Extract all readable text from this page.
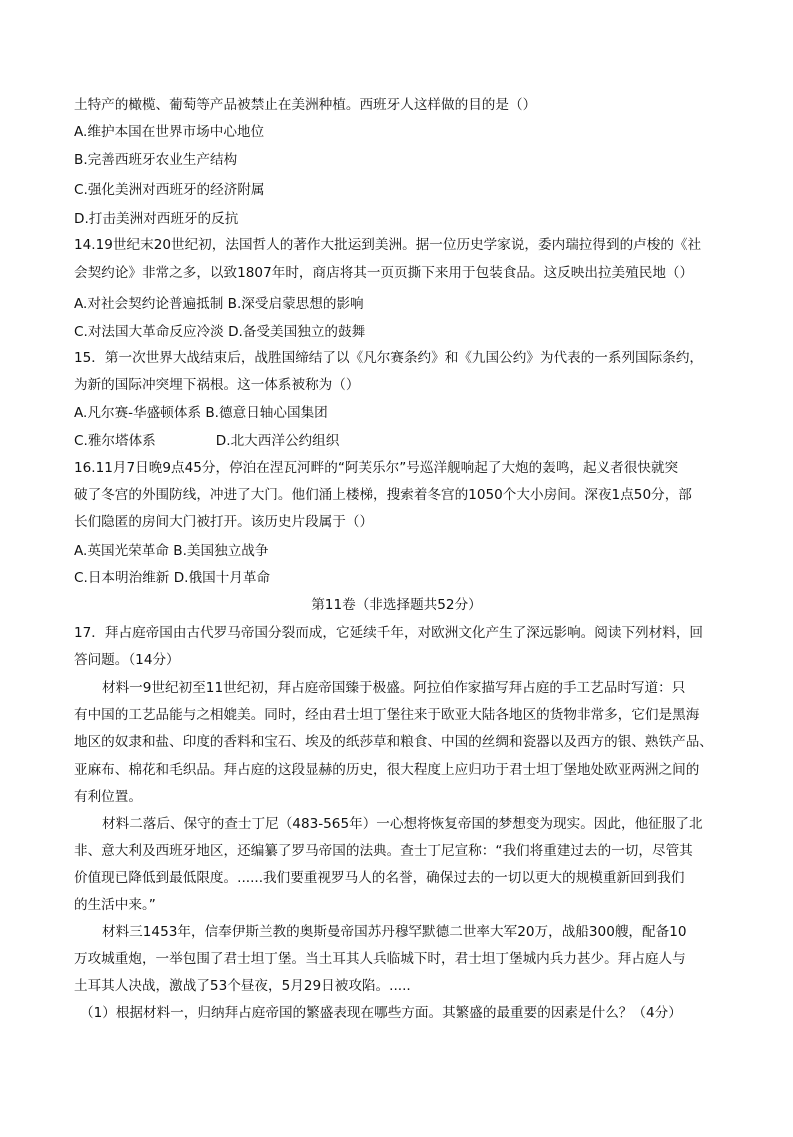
土特产的橄榄、葡萄等产品被禁止在美洲种植。西班牙人这样做的目的是（）

A.维护本国在世界市场中心地位

B.完善西班牙农业生产结构

C.强化美洲对西班牙的经济附属

D.打击美洲对西班牙的反抗

14.19世纪末20世纪初，法国哲人的著作大批运到美洲。据一位历史学家说，委内瑞拉得到的卢梭的《社

会契约论》非常之多，以致1807年时，商店将其一页页撕下来用于包装食品。这反映出拉美殖民地（）

A.对社会契约论普遍抵制 B.深受启蒙思想的影响

C.对法国大革命反应冷淡 D.备受美国独立的鼓舞

15．第一次世界大战结束后，战胜国缔结了以《凡尔赛条约》和《九国公约》为代表的一系列国际条约，

为新的国际冲突埋下祸根。这一体系被称为（）

A.凡尔赛-华盛顿体系 B.德意日轴心国集团

C.雅尔塔体系	D.北大西洋公约组织

16.11月7日晚9点45分，停泊在涅瓦河畔的“阿芙乐尔”号巡洋舰响起了大炮的轰鸣，起义者很快就突

破了冬宫的外围防线，冲进了大门。他们涌上楼梯，搜索着冬宫的1050个大小房间。深夜1点50分，部

长们隐匿的房间大门被打开。该历史片段属于（）

A.英国光荣革命 B.美国独立战争

C.日本明治维新 D.俄国十月革命

第11卷（非选择题共52分）

17．拜占庭帝国由古代罗马帝国分裂而成，它延续千年，对欧洲文化产生了深远影响。阅读下列材料，回

答问题。（14分）

材料一9世纪初至11世纪初，拜占庭帝国臻于极盛。阿拉伯作家描写拜占庭的手工艺品时写道：只

有中国的工艺品能与之相媲美。同时，经由君士坦丁堡往来于欧亚大陆各地区的货物非常多，它们是黑海

地区的奴隶和盐、印度的香料和宝石、埃及的纸莎草和粮食、中国的丝绸和瓷器以及西方的银、熟铁产品、

亚麻布、棉花和毛织品。拜占庭的这段显赫的历史，很大程度上应归功于君士坦丁堡地处欧亚两洲之间的

有利位置。

材料二落后、保守的查士丁尼（483-565年）一心想将恢复帝国的梦想变为现实。因此，他征服了北

非、意大利及西班牙地区，还编纂了罗马帝国的法典。查士丁尼宣称：“我们将重建过去的一切，尽管其

价值现已降低到最低限度。......我们要重视罗马人的名誉，确保过去的一切以更大的规模重新回到我们

的生活中来。”

材料三1453年，信奉伊斯兰教的奥斯曼帝国苏丹穆罕默德二世率大军20万，战船300艘，配备10

万攻城重炮，一举包围了君士坦丁堡。当土耳其人兵临城下时，君士坦丁堡城内兵力甚少。拜占庭人与

土耳其人决战，激战了53个昼夜，5月29日被攻陷。.....

（1）根据材料一，归纳拜占庭帝国的繁盛表现在哪些方面。其繁盛的最重要的因素是什么？（4分）
